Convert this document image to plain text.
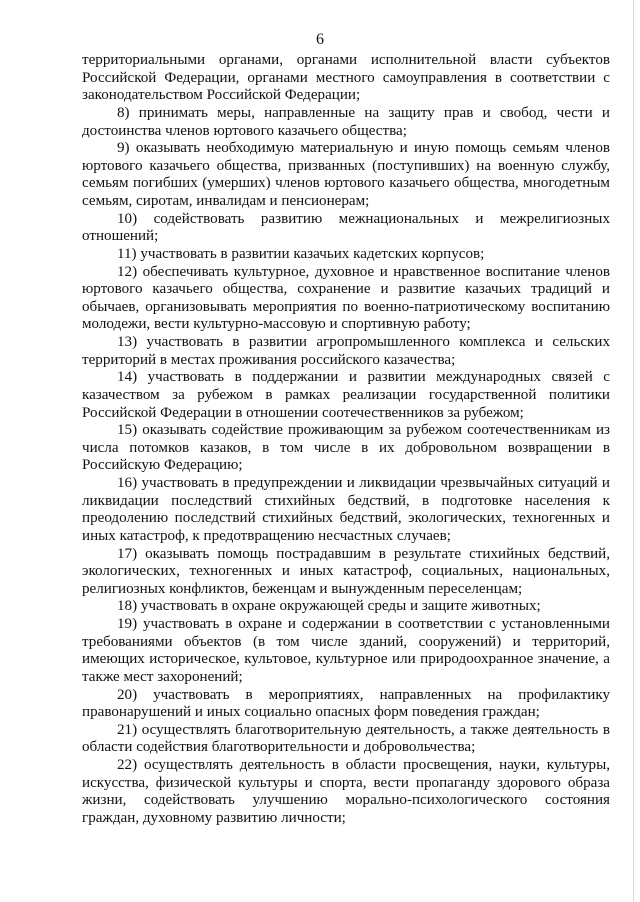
6

территориальными органами, органами исполнительной власти субъектов Российской Федерации, органами местного самоуправления в соответствии с законодательством Российской Федерации;

8) принимать меры, направленные на защиту прав и свобод, чести и достоинства членов юртового казачьего общества;

9) оказывать необходимую материальную и иную помощь семьям членов юртового казачьего общества, призванных (поступивших) на военную службу, семьям погибших (умерших) членов юртового казачьего общества, многодетным семьям, сиротам, инвалидам и пенсионерам;

10) содействовать развитию межнациональных и межрелигиозных отношений;

11) участвовать в развитии казачьих кадетских корпусов;

12) обеспечивать культурное, духовное и нравственное воспитание членов юртового казачьего общества, сохранение и развитие казачьих традиций и обычаев, организовывать мероприятия по военно-патриотическому воспитанию молодежи, вести культурно-массовую и спортивную работу;

13) участвовать в развитии агропромышленного комплекса и сельских территорий в местах проживания российского казачества;

14) участвовать в поддержании и развитии международных связей с казачеством за рубежом в рамках реализации государственной политики Российской Федерации в отношении соотечественников за рубежом;

15) оказывать содействие проживающим за рубежом соотечественникам из числа потомков казаков, в том числе в их добровольном возвращении в Российскую Федерацию;

16) участвовать в предупреждении и ликвидации чрезвычайных ситуаций и ликвидации последствий стихийных бедствий, в подготовке населения к преодолению последствий стихийных бедствий, экологических, техногенных и иных катастроф, к предотвращению несчастных случаев;

17) оказывать помощь пострадавшим в результате стихийных бедствий, экологических, техногенных и иных катастроф, социальных, национальных, религиозных конфликтов, беженцам и вынужденным переселенцам;

18) участвовать в охране окружающей среды и защите животных;

19) участвовать в охране и содержании в соответствии с установленными требованиями объектов (в том числе зданий, сооружений) и территорий, имеющих историческое, культовое, культурное или природоохранное значение, а также мест захоронений;

20) участвовать в мероприятиях, направленных на профилактику правонарушений и иных социально опасных форм поведения граждан;

21) осуществлять благотворительную деятельность, а также деятельность в области содействия благотворительности и добровольчества;

22) осуществлять деятельность в области просвещения, науки, культуры, искусства, физической культуры и спорта, вести пропаганду здорового образа жизни, содействовать улучшению морально-психологического состояния граждан, духовному развитию личности;
